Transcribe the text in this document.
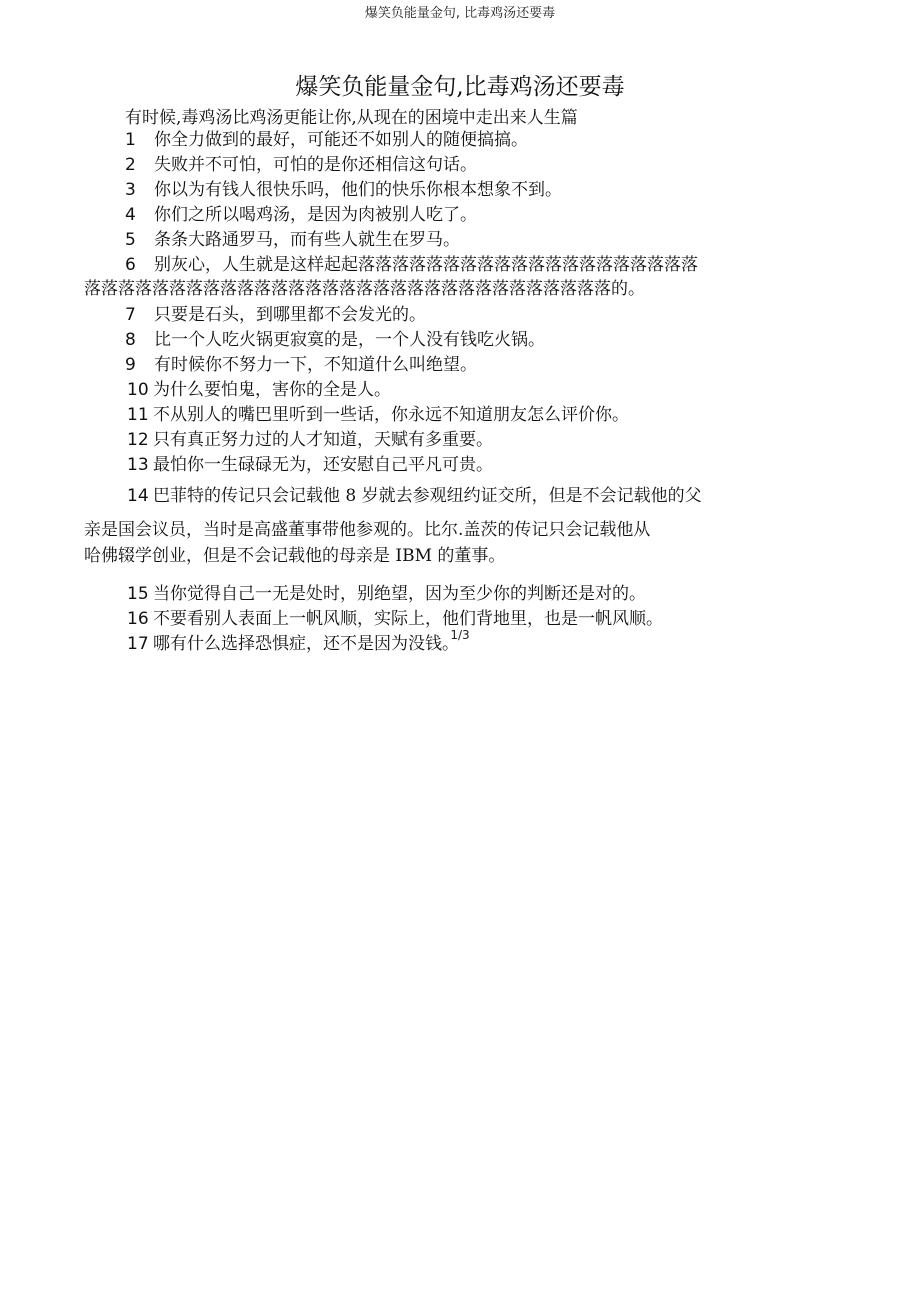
爆笑负能量金句, 比毒鸡汤还要毒
爆笑负能量金句,比毒鸡汤还要毒
有时候,毒鸡汤比鸡汤更能让你,从现在的困境中走出来人生篇
1 你全力做到的最好，可能还不如别人的随便搞搞。
2 失败并不可怕，可怕的是你还相信这句话。
3 你以为有钱人很快乐吗，他们的快乐你根本想象不到。
4 你们之所以喝鸡汤，是因为肉被别人吃了。
5 条条大路通罗马，而有些人就生在罗马。
6 别灰心，人生就是这样起起落落落落落落落落落落落落落落落落落落落落
落落落落落落落落落落落落落落落落落落落落落落落落落落落落落落落的。
7 只要是石头，到哪里都不会发光的。
8 比一个人吃火锅更寂寞的是，一个人没有钱吃火锅。
9 有时候你不努力一下，不知道什么叫绝望。
10 为什么要怕鬼，害你的全是人。
11 不从别人的嘴巴里听到一些话，你永远不知道朋友怎么评价你。
12 只有真正努力过的人才知道，天赋有多重要。
13 最怕你一生碌碌无为，还安慰自己平凡可贵。
14 巴菲特的传记只会记载他 8 岁就去参观纽约证交所，但是不会记载他的父
亲是国会议员，当时是高盛董事带他参观的。比尔.盖茨的传记只会记载他从
哈佛辍学创业，但是不会记载他的母亲是 IBM 的董事。
15 当你觉得自己一无是处时，别绝望，因为至少你的判断还是对的。
16 不要看别人表面上一帆风顺，实际上，他们背地里，也是一帆风顺。
17 哪有什么选择恐惧症，还不是因为没钱。
1/3
